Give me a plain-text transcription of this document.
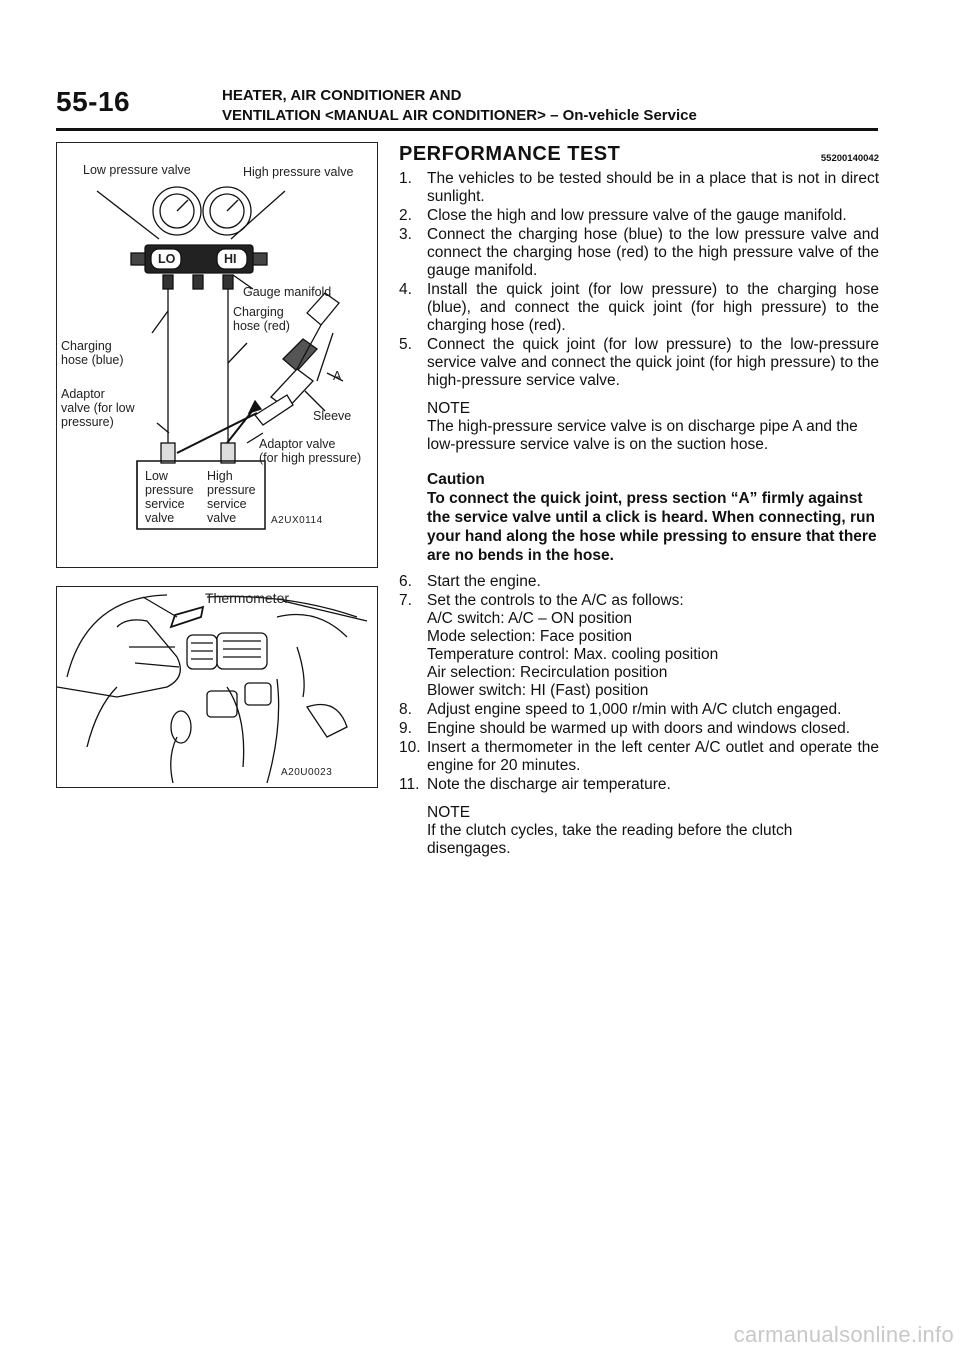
55-16	HEATER, AIR CONDITIONER AND
VENTILATION <MANUAL AIR CONDITIONER> – On-vehicle Service
Low pressure valve	High pressure valve
LO	HI
Gauge manifold
Charging
hose (red)
Charging
hose (blue)
Adaptor
valve (for low
pressure)
A
Sleeve
Adaptor valve
(for high pressure)
Low
pressure
service
valve
High
pressure
service
valve	A2UX0114
Thermometer
A20U0023
PERFORMANCE TEST	55200140042
1. The vehicles to be tested should be in a place that is not in direct sunlight.
2. Close the high and low pressure valve of the gauge manifold.
3. Connect the charging hose (blue) to the low pressure valve and connect the charging hose (red) to the high pressure valve of the gauge manifold.
4. Install the quick joint (for low pressure) to the charging hose (blue), and connect the quick joint (for high pressure) to the charging hose (red).
5. Connect the quick joint (for low pressure) to the low-pressure service valve and connect the quick joint (for high pressure) to the high-pressure service valve.
NOTE
The high-pressure service valve is on discharge pipe A and the low-pressure service valve is on the suction hose.
Caution
To connect the quick joint, press section “A” firmly against the service valve until a click is heard. When connecting, run your hand along the hose while pressing to ensure that there are no bends in the hose.
6. Start the engine.
7. Set the controls to the A/C as follows:
A/C switch: A/C – ON position
Mode selection: Face position
Temperature control: Max. cooling position
Air selection: Recirculation position
Blower switch: HI (Fast) position
8. Adjust engine speed to 1,000 r/min with A/C clutch engaged.
9. Engine should be warmed up with doors and windows closed.
10. Insert a thermometer in the left center A/C outlet and operate the engine for 20 minutes.
11. Note the discharge air temperature.
NOTE
If the clutch cycles, take the reading before the clutch disengages.
carmanualsonline.info
